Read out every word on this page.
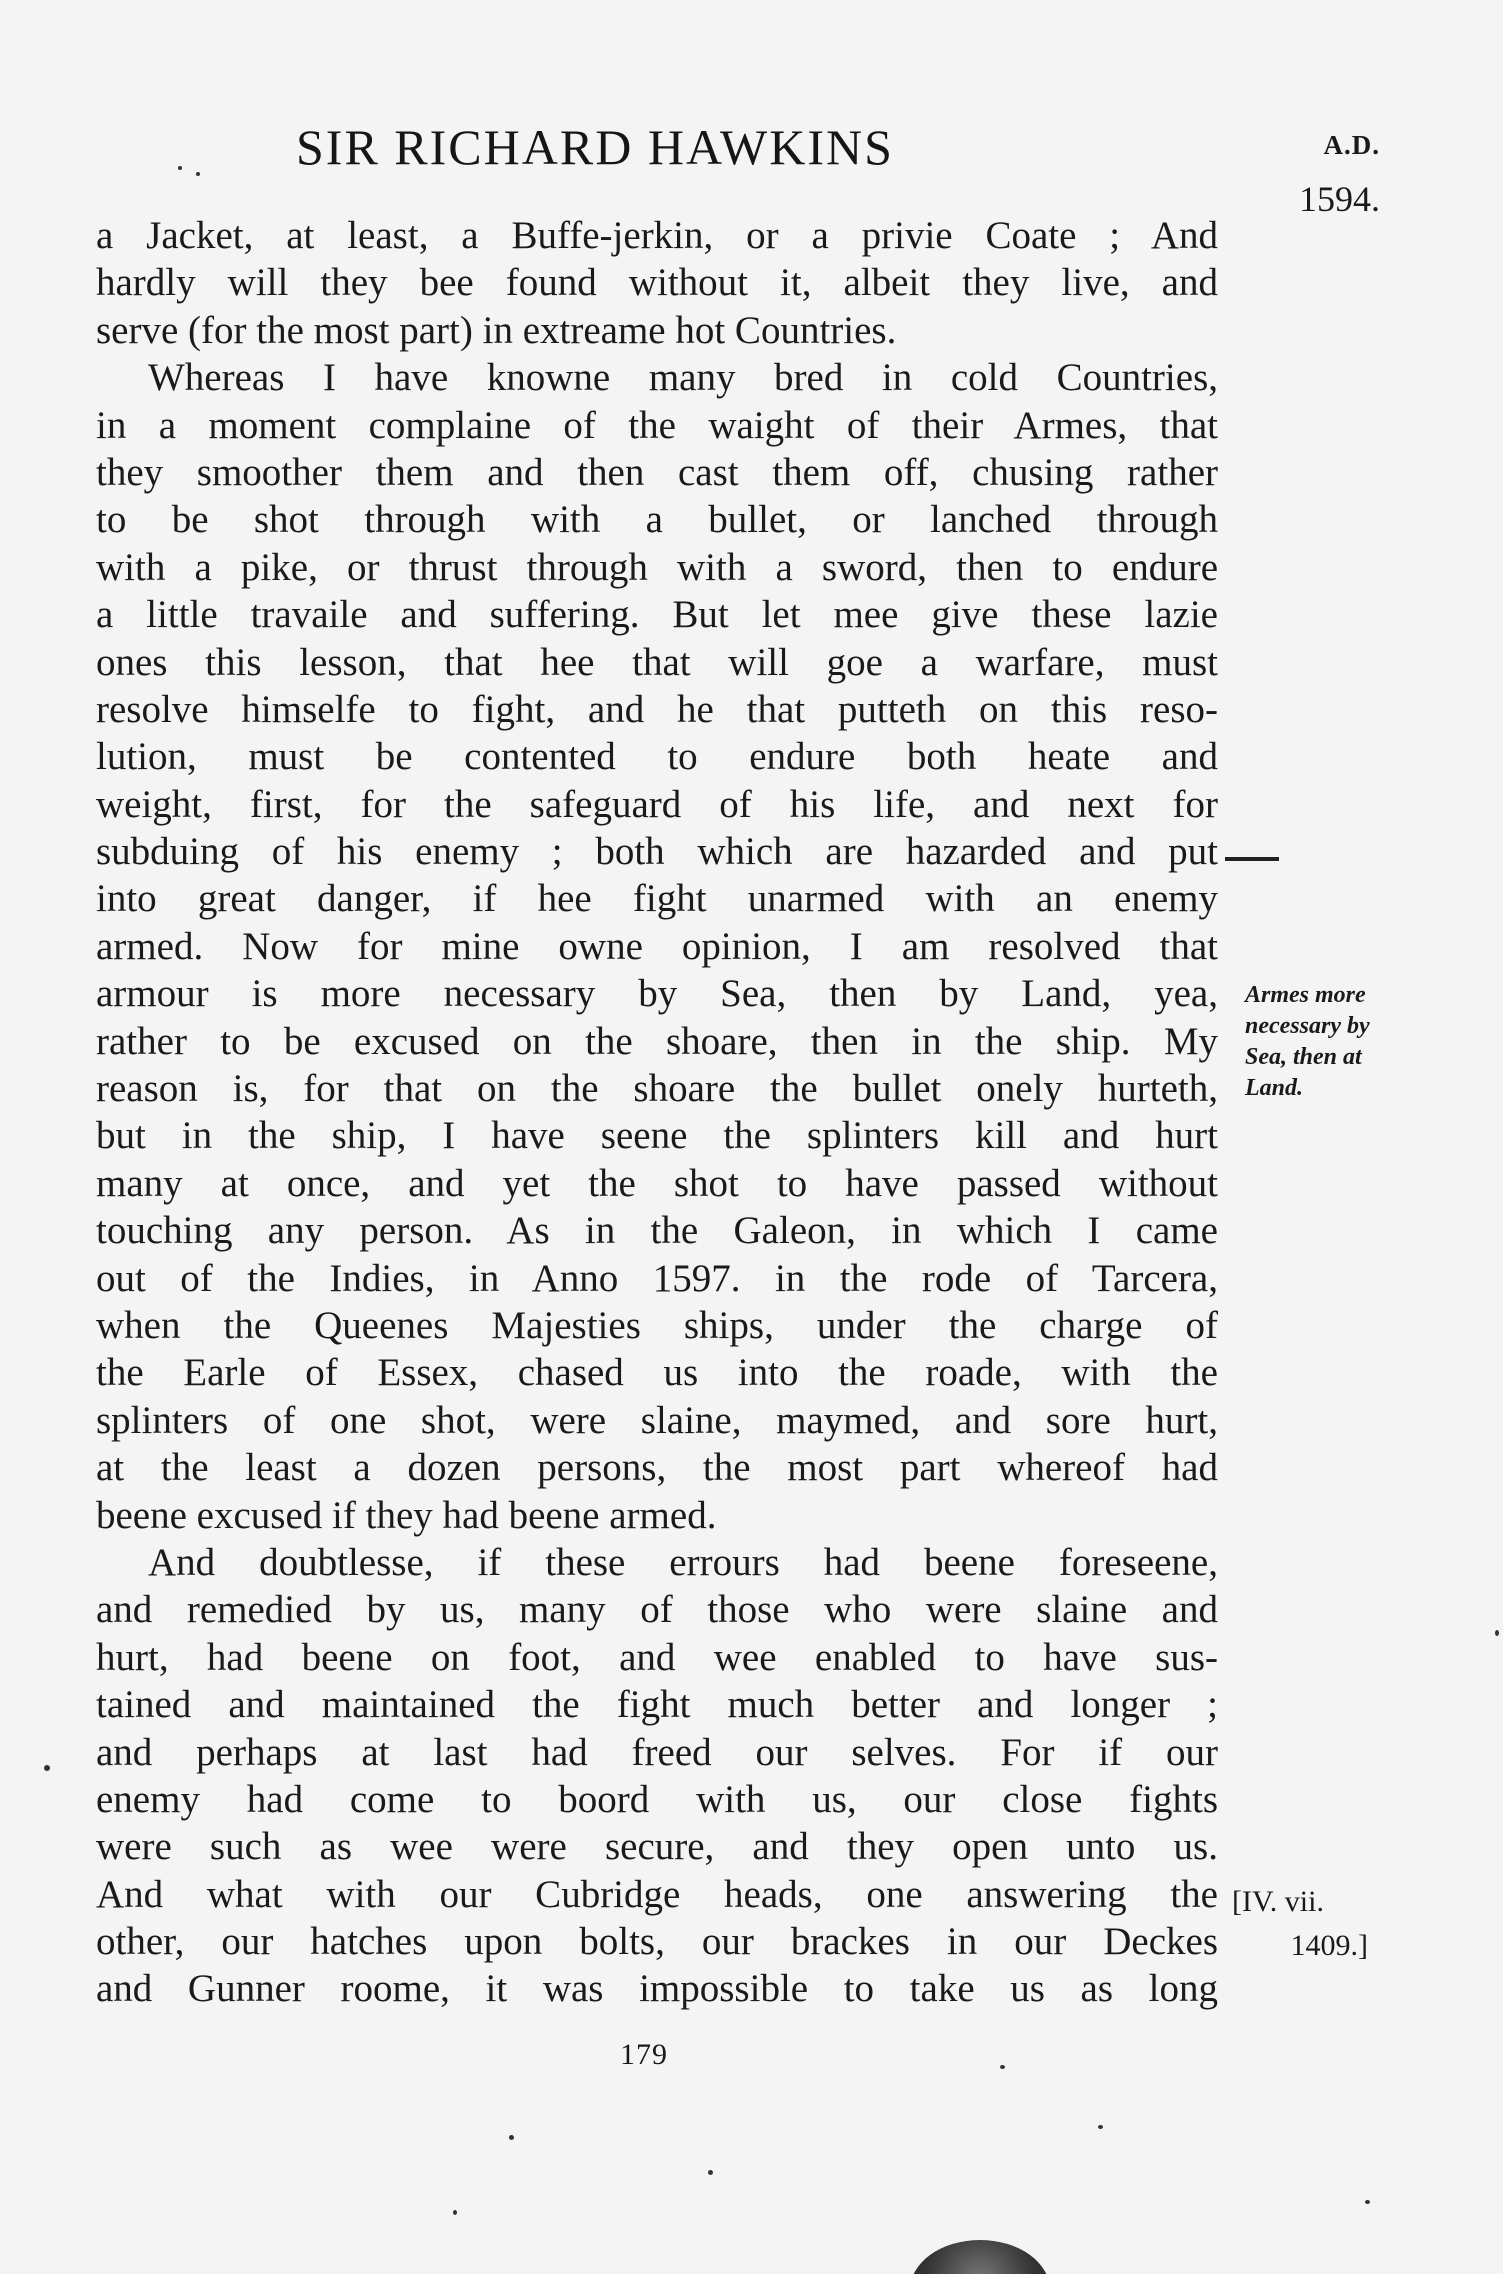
SIR RICHARD HAWKINS	A.D.
1594.
a Jacket, at least, a Buffe-jerkin, or a privie Coate ; And
hardly will they bee found without it, albeit they live, and
serve (for the most part) in extreame hot Countries.
Whereas I have knowne many bred in cold Countries,
in a moment complaine of the waight of their Armes, that
they smoother them and then cast them off, chusing rather
to be shot through with a bullet, or lanched through
with a pike, or thrust through with a sword, then to endure
a little travaile and suffering. But let mee give these lazie
ones this lesson, that hee that will goe a warfare, must
resolve himselfe to fight, and he that putteth on this reso-
lution, must be contented to endure both heate and
weight, first, for the safeguard of his life, and next for
subduing of his enemy ; both which are hazarded and put
into great danger, if hee fight unarmed with an enemy
armed. Now for mine owne opinion, I am resolved that
armour is more necessary by Sea, then by Land, yea,
rather to be excused on the shoare, then in the ship. My
reason is, for that on the shoare the bullet onely hurteth,
but in the ship, I have seene the splinters kill and hurt
many at once, and yet the shot to have passed without
touching any person. As in the Galeon, in which I came
out of the Indies, in Anno 1597. in the rode of Tarcera,
when the Queenes Majesties ships, under the charge of
the Earle of Essex, chased us into the roade, with the
splinters of one shot, were slaine, maymed, and sore hurt,
at the least a dozen persons, the most part whereof had
beene excused if they had beene armed.
And doubtlesse, if these errours had beene foreseene,
and remedied by us, many of those who were slaine and
hurt, had beene on foot, and wee enabled to have sus-
tained and maintained the fight much better and longer ;
and perhaps at last had freed our selves. For if our
enemy had come to boord with us, our close fights
were such as wee were secure, and they open unto us.
And what with our Cubridge heads, one answering the
other, our hatches upon bolts, our brackes in our Deckes
and Gunner roome, it was impossible to take us as long
Armes more
necessary by
Sea, then at
Land.
[IV. vii.
1409.]
179
